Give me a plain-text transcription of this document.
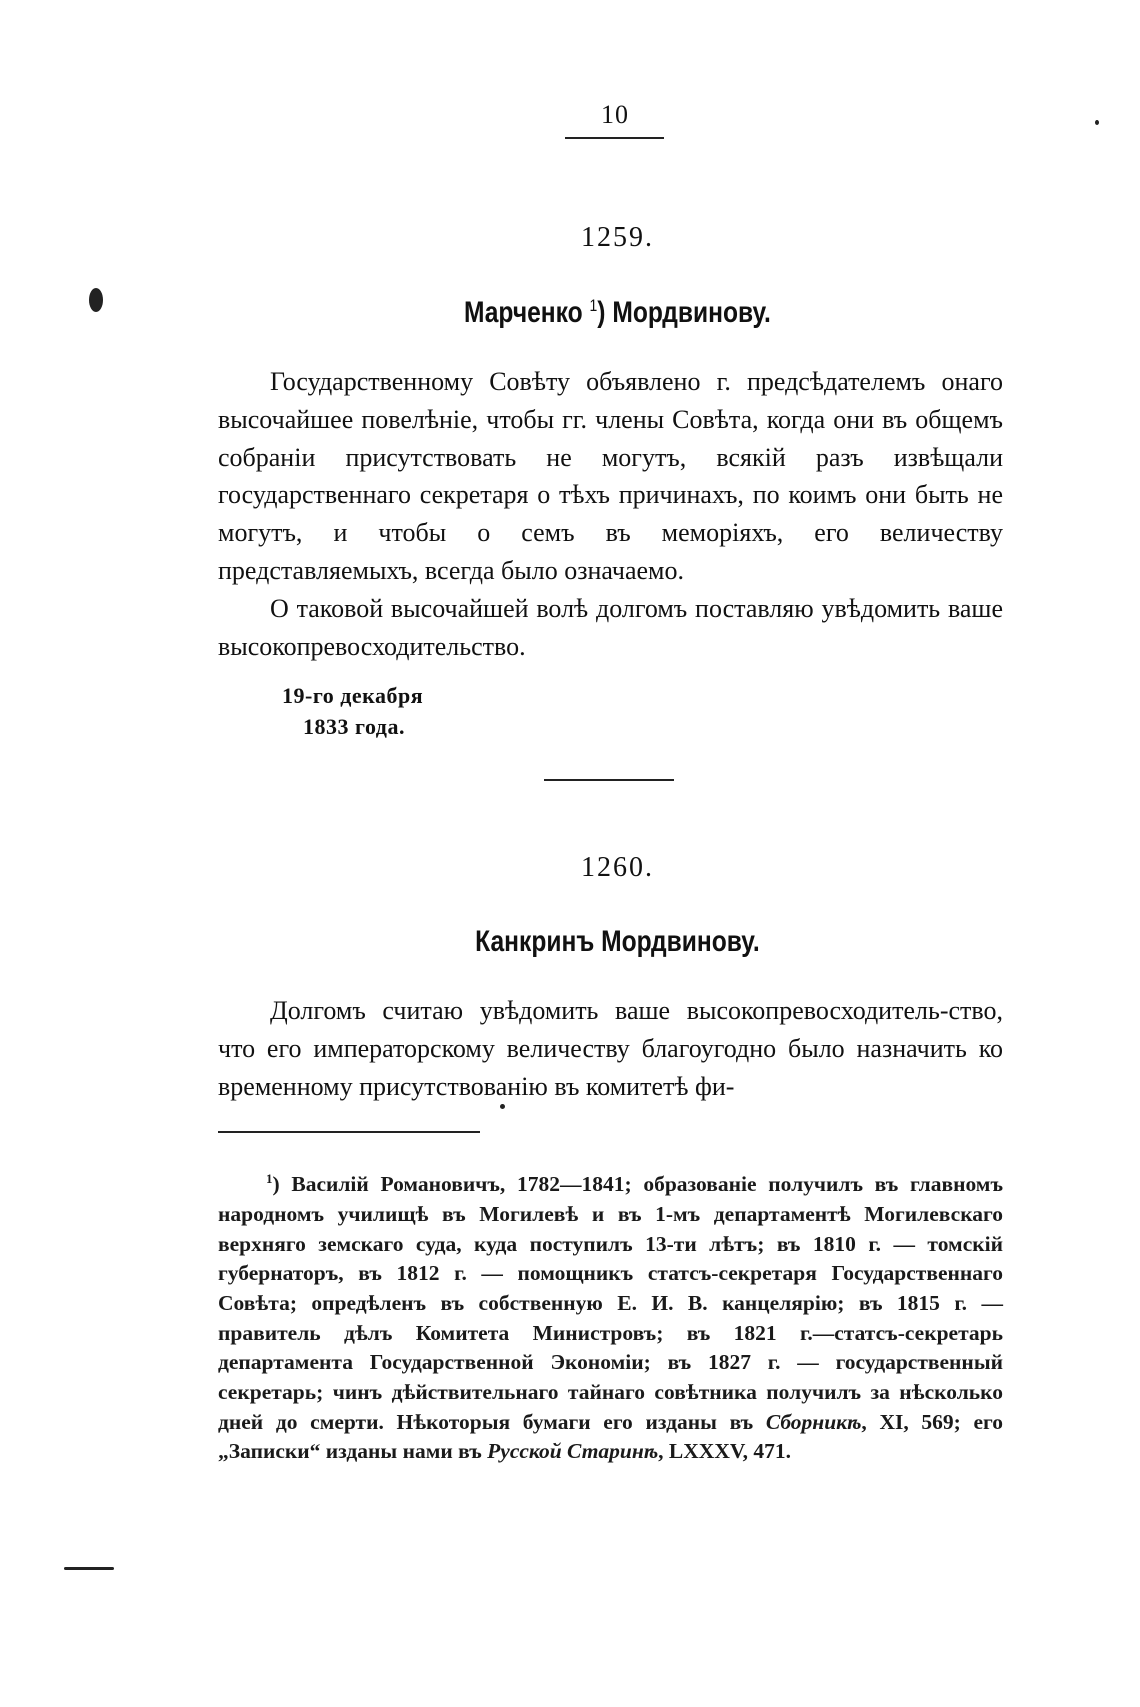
10
1259.
Марченко $^1$) Мордвинову.

Государственному Совѣту объявлено г. предсѣдателемъ онаго высочайшее повелѣніе, чтобы гг. члены Совѣта, когда они въ общемъ собраніи присутствовать не могутъ, всякій разъ извѣщали государственнаго секретаря о тѣхъ причинахъ, по коимъ они быть не могутъ, и чтобы о семъ въ меморіяхъ, его величеству представляемыхъ, всегда было означаемо.

О таковой высочайшей волѣ долгомъ поставляю увѣдомить ваше высокопревосходительство.

19-го декабря
1833 года.
1260.
Канкринъ Мордвинову.

Долгомъ считаю увѣдомить ваше высокопревосходитель-ство, что его императорскому величеству благоугодно было назначить ко временному присутствованію въ комитетѣ фи-

$^1$) Василій Романовичъ, 1782—1841; образованіе получилъ въ главномъ народномъ училищѣ въ Могилевѣ и въ 1-мъ департаментѣ Могилевскаго верхняго земскаго суда, куда поступилъ 13-ти лѣтъ; въ 1810 г. — томскій губернаторъ, въ 1812 г. — помощникъ статсъ-секретаря Государственнаго Совѣта; опредѣленъ въ собственную Е. И. В. канцелярію; въ 1815 г. — правитель дѣлъ Комитета Министровъ; въ 1821 г.—статсъ-секретарь департамента Государственной Экономіи; въ 1827 г. — государственный секретарь; чинъ дѣйствительнаго тайнаго совѣтника получилъ за нѣсколько дней до смерти. Нѣкоторыя бумаги его изданы въ Сборникѣ, XI, 569; его „Записки“ изданы нами въ Русской Старинѣ, LXXXV, 471.
